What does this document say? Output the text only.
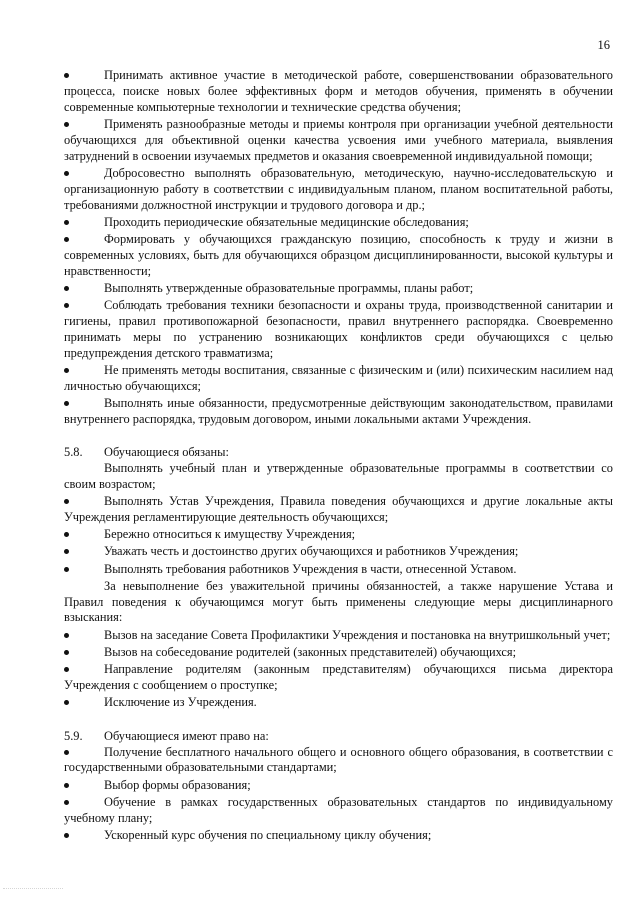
16

Принимать активное участие в методической работе, совершенствовании образовательного процесса, поиске новых более эффективных форм и методов обучения, применять в обучении современные компьютерные технологии и технические средства обучения;

Применять разнообразные методы и приемы контроля при организации учебной деятельности обучающихся для объективной оценки качества усвоения ими учебного материала, выявления затруднений в освоении изучаемых предметов и оказания своевременной индивидуальной помощи;

Добросовестно выполнять образовательную, методическую, научно-исследовательскую и организационную работу в соответствии с индивидуальным планом, планом воспитательной работы, требованиями должностной инструкции и трудового договора и др.;

Проходить периодические обязательные медицинские обследования;

Формировать у обучающихся гражданскую позицию, способность к труду и жизни в современных условиях, быть для обучающихся образцом дисциплинированности, высокой культуры и нравственности;

Выполнять утвержденные образовательные программы, планы работ;

Соблюдать требования техники безопасности и охраны труда, производственной санитарии и гигиены, правил противопожарной безопасности, правил внутреннего распорядка. Своевременно принимать меры по устранению возникающих конфликтов среди обучающихся с целью предупреждения детского травматизма;

Не применять методы воспитания, связанные с физическим и (или) психическим насилием над личностью обучающихся;

Выполнять иные обязанности, предусмотренные действующим законодательством, правилами внутреннего распорядка, трудовым договором, иными локальными актами Учреждения.

5.8. Обучающиеся обязаны:

Выполнять учебный план и утвержденные образовательные программы в соответствии со своим возрастом;

Выполнять Устав Учреждения, Правила поведения обучающихся и другие локальные акты Учреждения регламентирующие деятельность обучающихся;

Бережно относиться к имуществу Учреждения;

Уважать честь и достоинство других обучающихся и работников Учреждения;

Выполнять требования работников Учреждения в части, отнесенной Уставом.

За невыполнение без уважительной причины обязанностей, а также нарушение Устава и Правил поведения к обучающимся могут быть применены следующие меры дисциплинарного взыскания:

Вызов на заседание Совета Профилактики Учреждения и постановка на внутришкольный учет;

Вызов на собеседование родителей (законных представителей) обучающихся;

Направление родителям (законным представителям) обучающихся письма директора Учреждения с сообщением о проступке;

Исключение из Учреждения.

5.9. Обучающиеся имеют право на:

Получение бесплатного начального общего и основного общего образования, в соответствии с государственными образовательными стандартами;

Выбор формы образования;

Обучение в рамках государственных образовательных стандартов по индивидуальному учебному плану;

Ускоренный курс обучения по специальному циклу обучения;
